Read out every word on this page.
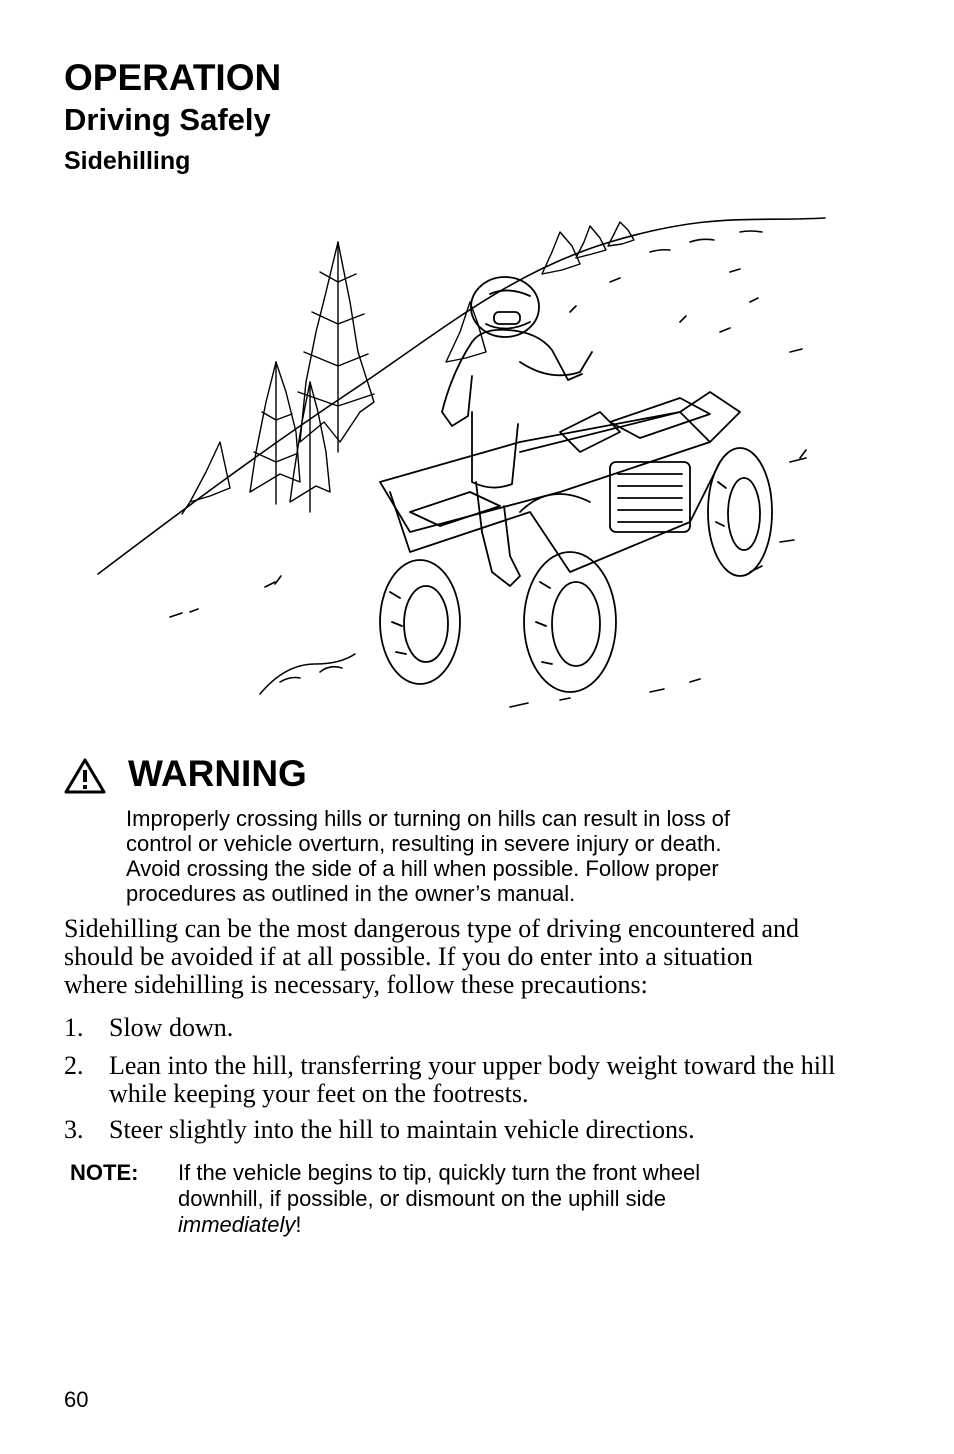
OPERATION
Driving Safely
Sidehilling
WARNING
Improperly crossing hills or turning on hills can result in loss of
control or vehicle overturn, resulting in severe injury or death.
Avoid crossing the side of a hill when possible. Follow proper
procedures as outlined in the owner’s manual.
Sidehilling can be the most dangerous type of driving encountered and
should be avoided if at all possible. If you do enter into a situation
where sidehilling is necessary, follow these precautions:
1. Slow down.
2. Lean into the hill, transferring your upper body weight toward the hill
while keeping your feet on the footrests.
3. Steer slightly into the hill to maintain vehicle directions.
NOTE: If the vehicle begins to tip, quickly turn the front wheel
downhill, if possible, or dismount on the uphill side
immediately!
60
